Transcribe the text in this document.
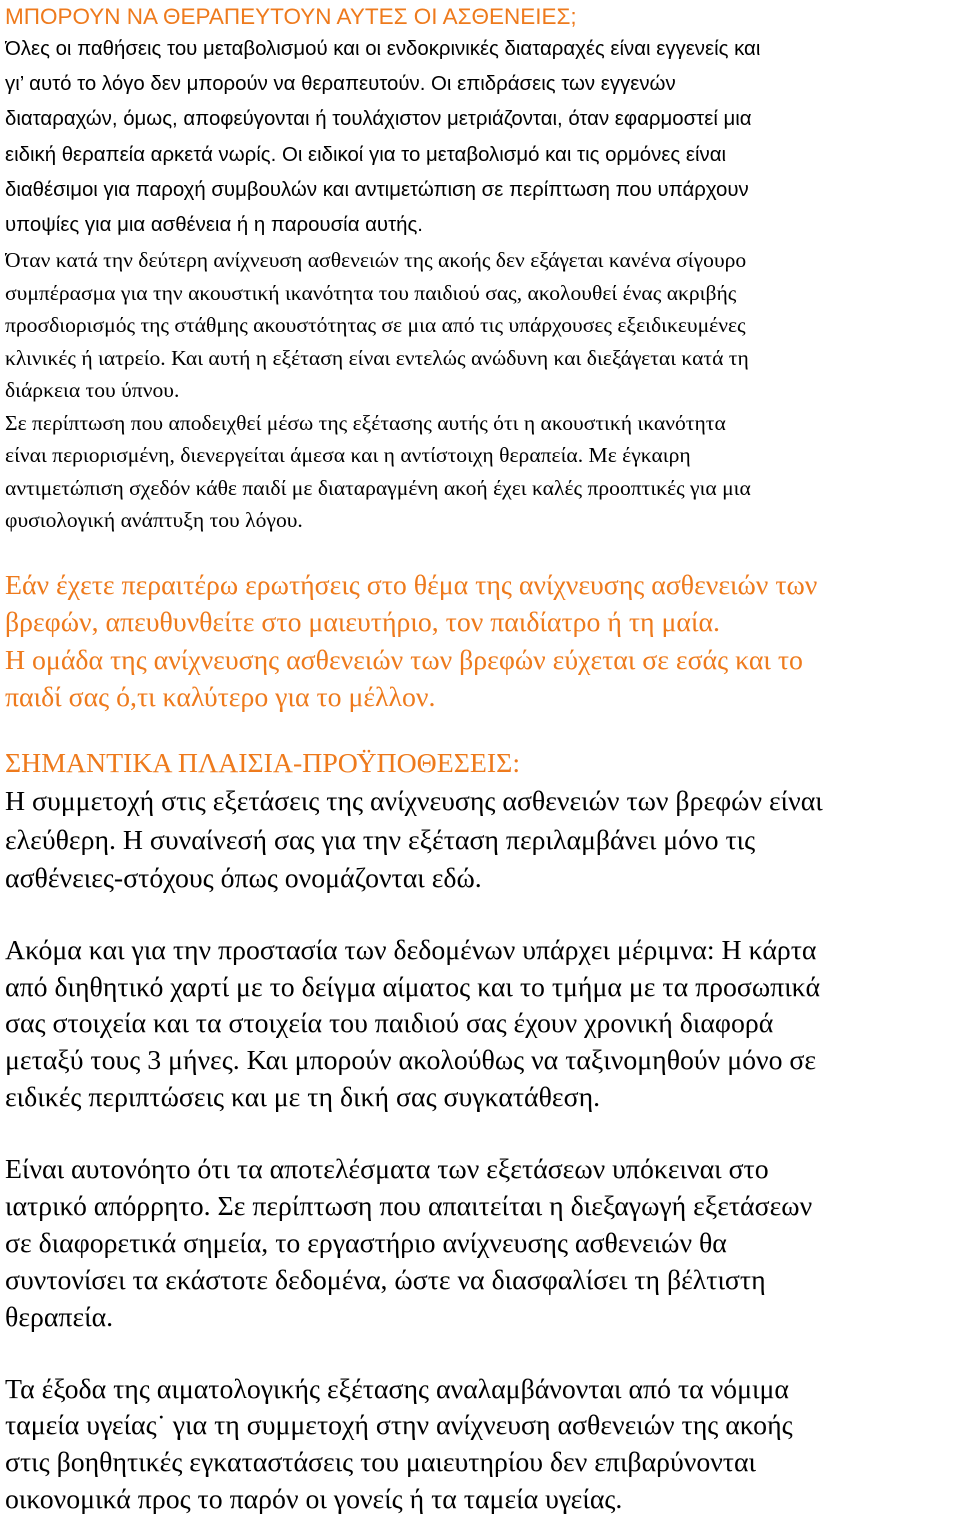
ΜΠΟΡΟΥΝ ΝΑ ΘΕΡΑΠΕΥΤΟΥΝ ΑΥΤΕΣ ΟΙ ΑΣΘΕΝΕΙΕΣ;
Όλες οι παθήσεις του μεταβολισμού και οι ενδοκρινικές διαταραχές είναι εγγενείς και
γι’ αυτό το λόγο δεν μπορούν να θεραπευτούν. Οι επιδράσεις των εγγενών
διαταραχών, όμως, αποφεύγονται ή τουλάχιστον μετριάζονται, όταν εφαρμοστεί μια
ειδική θεραπεία αρκετά νωρίς. Οι ειδικοί για το μεταβολισμό και τις ορμόνες είναι
διαθέσιμοι για παροχή συμβουλών και αντιμετώπιση σε περίπτωση που υπάρχουν
υποψίες για μια ασθένεια ή η παρουσία αυτής.
Όταν κατά την δεύτερη ανίχνευση ασθενειών της ακοής δεν εξάγεται κανένα σίγουρο
συμπέρασμα για την ακουστική ικανότητα του παιδιού σας, ακολουθεί ένας ακριβής
προσδιορισμός της στάθμης ακουστότητας σε μια από τις υπάρχουσες εξειδικευμένες
κλινικές ή ιατρείο. Και αυτή η εξέταση είναι εντελώς ανώδυνη και διεξάγεται κατά τη
διάρκεια του ύπνου.
Σε περίπτωση που αποδειχθεί μέσω της εξέτασης αυτής ότι η ακουστική ικανότητα
είναι περιορισμένη, διενεργείται άμεσα και η αντίστοιχη θεραπεία. Με έγκαιρη
αντιμετώπιση σχεδόν κάθε παιδί με διαταραγμένη ακοή έχει καλές προοπτικές για μια
φυσιολογική ανάπτυξη του λόγου.
Εάν έχετε περαιτέρω ερωτήσεις στο θέμα της ανίχνευσης ασθενειών των
βρεφών, απευθυνθείτε στο μαιευτήριο, τον παιδίατρο ή τη μαία.
Η ομάδα της ανίχνευσης ασθενειών των βρεφών εύχεται σε εσάς και το
παιδί σας ό,τι καλύτερο για το μέλλον.
ΣΗΜΑΝΤΙΚΑ ΠΛΑΙΣΙΑ-ΠΡΟΫΠΟΘΕΣΕΙΣ:
Η συμμετοχή στις εξετάσεις της ανίχνευσης ασθενειών των βρεφών είναι
ελεύθερη. Η συναίνεσή σας για την εξέταση περιλαμβάνει μόνο τις
ασθένειες-στόχους όπως ονομάζονται εδώ.
Ακόμα και για την προστασία των δεδομένων υπάρχει μέριμνα: Η κάρτα
από διηθητικό χαρτί με το δείγμα αίματος και το τμήμα με τα προσωπικά
σας στοιχεία και τα στοιχεία του παιδιού σας έχουν χρονική διαφορά
μεταξύ τους 3 μήνες. Και μπορούν ακολούθως να ταξινομηθούν μόνο σε
ειδικές περιπτώσεις και με τη δική σας συγκατάθεση.
Είναι αυτονόητο ότι τα αποτελέσματα των εξετάσεων υπόκειναι στο
ιατρικό απόρρητο. Σε περίπτωση που απαιτείται η διεξαγωγή εξετάσεων
σε διαφορετικά σημεία, το εργαστήριο ανίχνευσης ασθενειών θα
συντονίσει τα εκάστοτε δεδομένα, ώστε να διασφαλίσει τη βέλτιστη
θεραπεία.
Τα έξοδα της αιματολογικής εξέτασης αναλαμβάνονται από τα νόμιμα
ταμεία υγείας˙ για τη συμμετοχή στην ανίχνευση ασθενειών της ακοής
στις βοηθητικές εγκαταστάσεις του μαιευτηρίου δεν επιβαρύνονται
οικονομικά προς το παρόν οι γονείς ή τα ταμεία υγείας.
